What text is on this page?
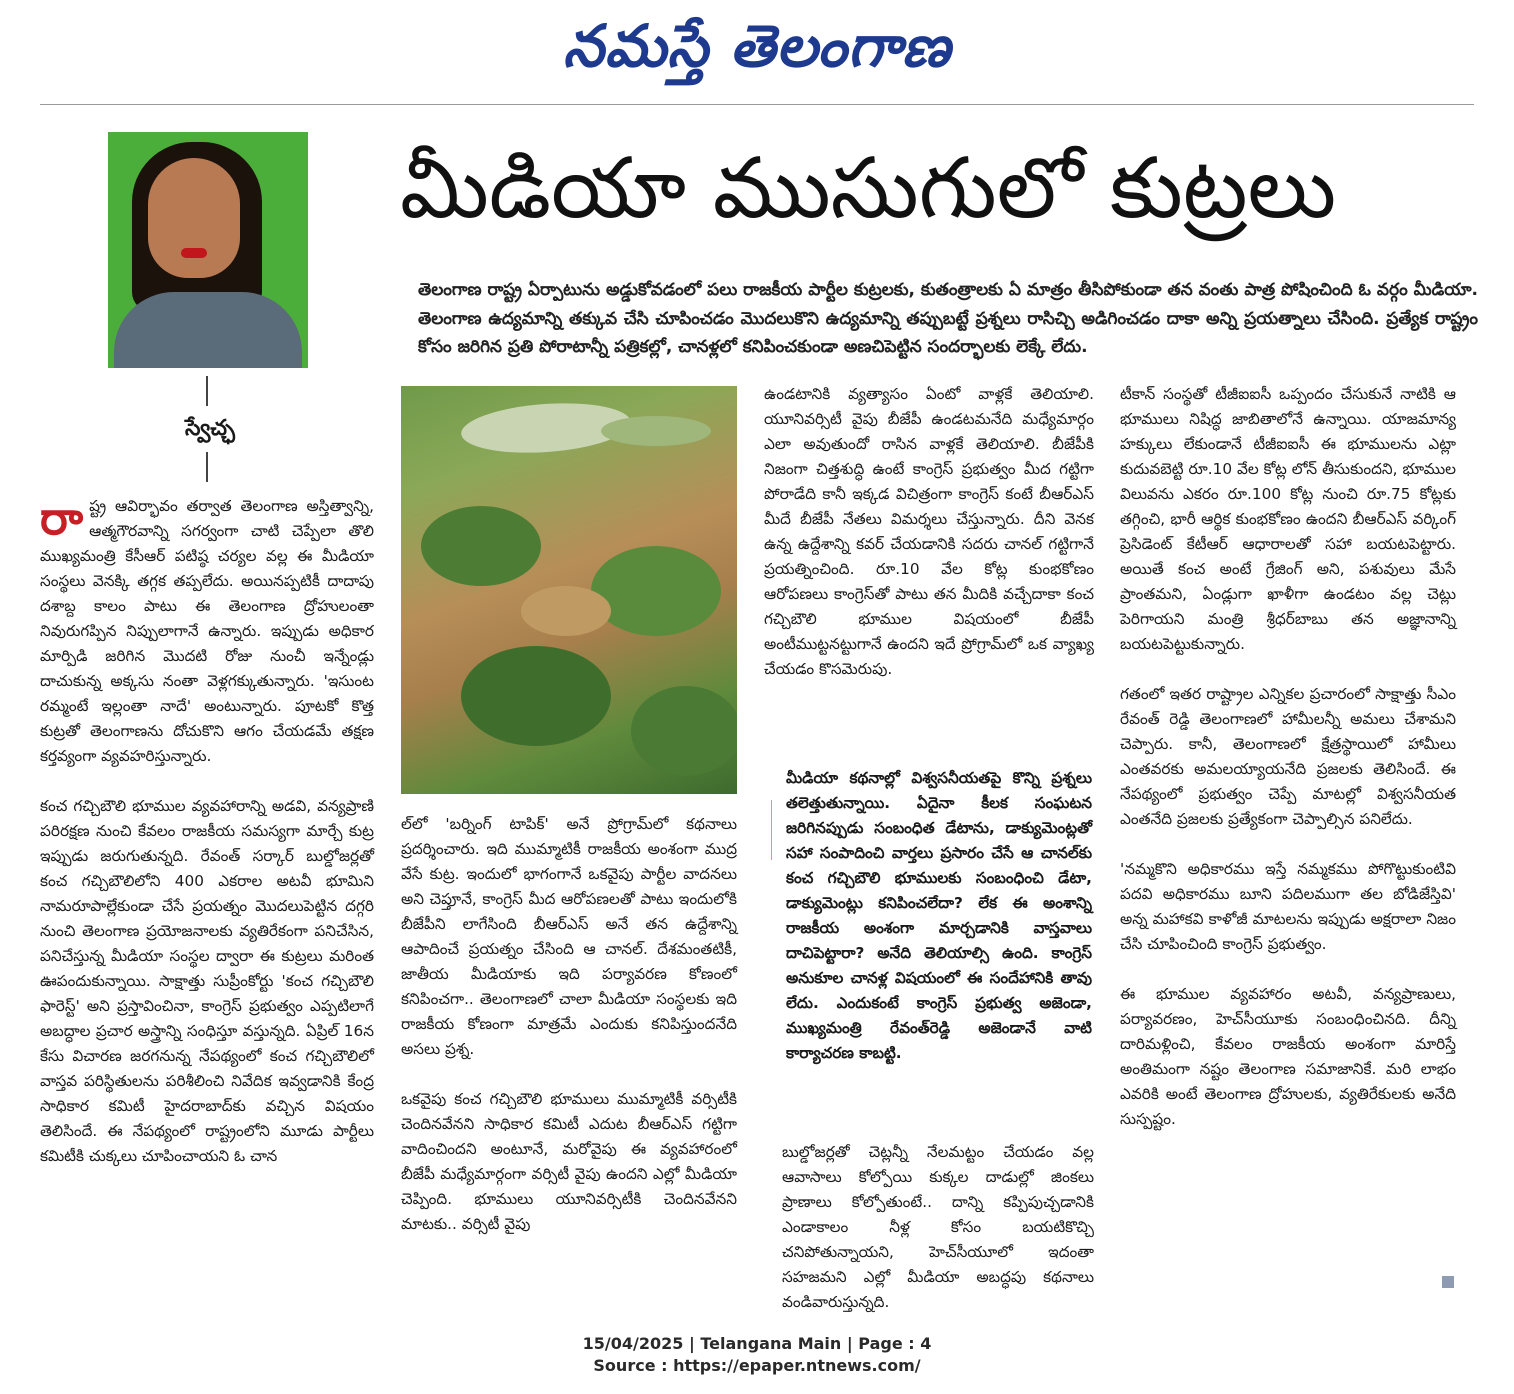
నమస్తే తెలంగాణ
స్వేచ్ఛ
మీడియా ముసుగులో కుట్రలు
తెలంగాణ రాష్ట్ర ఏర్పాటును అడ్డుకోవడంలో పలు రాజకీయ పార్టీల కుట్రలకు, కుతంత్రాలకు ఏ మాత్రం తీసిపోకుండా తన వంతు పాత్ర పోషించింది ఓ వర్గం మీడియా. తెలంగాణ ఉద్యమాన్ని తక్కువ చేసి చూపించడం మొదలుకొని ఉద్యమాన్ని తప్పుబట్టే ప్రశ్నలు రాసిచ్చి అడిగించడం దాకా అన్ని ప్రయత్నాలు చేసింది. ప్రత్యేక రాష్ట్రం కోసం జరిగిన ప్రతి పోరాటాన్నీ పత్రికల్లో, చానళ్లలో కనిపించకుండా అణచిపెట్టిన సందర్భాలకు లెక్కే లేదు.

రాష్ట్ర ఆవిర్భావం తర్వాత తెలంగాణ అస్తిత్వాన్ని, ఆత్మగౌరవాన్ని సగర్వంగా చాటి చెప్పేలా తొలి ముఖ్యమంత్రి కేసీఆర్ పటిష్ఠ చర్యల వల్ల ఈ మీడియా సంస్థలు వెనక్కి తగ్గక తప్పలేదు. అయినప్పటికీ దాదాపు దశాబ్ద కాలం పాటు ఈ తెలంగాణ ద్రోహులంతా నివురుగప్పిన నిప్పులాగానే ఉన్నారు. ఇప్పుడు అధికార మార్పిడి జరిగిన మొదటి రోజు నుంచీ ఇన్నేండ్లు దాచుకున్న అక్కసు నంతా వెళ్లగక్కుతున్నారు. 'ఇసుంట రమ్మంటే ఇల్లంతా నాదే' అంటున్నారు. పూటకో కొత్త కుట్రతో తెలంగాణను దోచుకొని ఆగం చేయడమే తక్షణ కర్తవ్యంగా వ్యవహరిస్తున్నారు.

కంచ గచ్చిబౌలి భూముల వ్యవహారాన్ని అడవి, వన్యప్రాణి పరిరక్షణ నుంచి కేవలం రాజకీయ సమస్యగా మార్చే కుట్ర ఇప్పుడు జరుగుతున్నది. రేవంత్ సర్కార్ బుల్డోజర్లతో కంచ గచ్చిబౌలిలోని 400 ఎకరాల అటవీ భూమిని నామరూపాల్లేకుండా చేసే ప్రయత్నం మొదలుపెట్టిన దగ్గరి నుంచి తెలంగాణ ప్రయోజనాలకు వ్యతిరేకంగా పనిచేసిన, పనిచేస్తున్న మీడియా సంస్థల ద్వారా ఈ కుట్రలు మరింత ఊపందుకున్నాయి. సాక్షాత్తు సుప్రీంకోర్టు 'కంచ గచ్చిబౌలి ఫారెస్ట్' అని ప్రస్తావించినా, కాంగ్రెస్ ప్రభుత్వం ఎప్పటిలాగే అబద్ధాల ప్రచార అస్త్రాన్ని సంధిస్తూ వస్తున్నది. ఏప్రిల్ 16న కేసు విచారణ జరగనున్న నేపథ్యంలో కంచ గచ్చిబౌలిలో వాస్తవ పరిస్థితులను పరిశీలించి నివేదిక ఇవ్వడానికి కేంద్ర సాధికార కమిటీ హైదరాబాద్‌కు వచ్చిన విషయం తెలిసిందే. ఈ నేపథ్యంలో రాష్ట్రంలోని మూడు పార్టీలు కమిటీకి చుక్కలు చూపించాయని ఓ చాన

ల్‌లో 'బర్నింగ్ టాపిక్' అనే ప్రోగ్రామ్‌లో కథనాలు ప్రదర్శించారు. ఇది ముమ్మాటికీ రాజకీయ అంశంగా ముద్ర వేసే కుట్ర. ఇందులో భాగంగానే ఒకవైపు పార్టీల వాదనలు అని చెప్తూనే, కాంగ్రెస్ మీద ఆరోపణలతో పాటు ఇందులోకి బీజేపీని లాగేసింది బీఆర్‌ఎస్ అనే తన ఉద్దేశాన్ని ఆపాదించే ప్రయత్నం చేసింది ఆ చానల్. దేశమంతటికీ, జాతీయ మీడియాకు ఇది పర్యావరణ కోణంలో కనిపించగా.. తెలంగాణలో చాలా మీడియా సంస్థలకు ఇది రాజకీయ కోణంగా మాత్రమే ఎందుకు కనిపిస్తుందనేది అసలు ప్రశ్న.

ఒకవైపు కంచ గచ్చిబౌలి భూములు ముమ్మాటికీ వర్సిటీకి చెందినవేనని సాధికార కమిటీ ఎదుట బీఆర్‌ఎస్ గట్టిగా వాదించిందని అంటూనే, మరోవైపు ఈ వ్యవహారంలో బీజేపీ మధ్యేమార్గంగా వర్సిటీ వైపు ఉందని ఎల్లో మీడియా చెప్పింది. భూములు యూనివర్సిటీకి చెందినవేనని మాటకు.. వర్సిటీ వైపు

ఉండటానికి వ్యత్యాసం ఏంటో వాళ్లకే తెలియాలి. యూనివర్సిటీ వైపు బీజేపీ ఉండటమనేది మధ్యేమార్గం ఎలా అవుతుందో రాసిన వాళ్లకే తెలియాలి. బీజేపీకి నిజంగా చిత్తశుద్ధి ఉంటే కాంగ్రెస్ ప్రభుత్వం మీద గట్టిగా పోరాడేది కానీ ఇక్కడ విచిత్రంగా కాంగ్రెస్ కంటే బీఆర్‌ఎస్ మీదే బీజేపీ నేతలు విమర్శలు చేస్తున్నారు. దీని వెనక ఉన్న ఉద్దేశాన్ని కవర్ చేయడానికి సదరు చానల్ గట్టిగానే ప్రయత్నించింది. రూ.10 వేల కోట్ల కుంభకోణం ఆరోపణలు కాంగ్రెస్‌తో పాటు తన మీదికి వచ్చేదాకా కంచ గచ్చిబౌలి భూముల విషయంలో బీజేపీ అంటీముట్టనట్టుగానే ఉందని ఇదే ప్రోగ్రామ్‌లో ఒక వ్యాఖ్య చేయడం కొసమెరుపు.

మీడియా కథనాల్లో విశ్వసనీయతపై కొన్ని ప్రశ్నలు తలెత్తుతున్నాయి. ఏదైనా కీలక సంఘటన జరిగినప్పుడు సంబంధిత డేటాను, డాక్యుమెంట్లతో సహా సంపాదించి వార్తలు ప్రసారం చేసే ఆ చానల్‌కు కంచ గచ్చిబౌలి భూములకు సంబంధించి డేటా, డాక్యుమెంట్లు కనిపించలేదా? లేక ఈ అంశాన్ని రాజకీయ అంశంగా మార్చడానికి వాస్తవాలు దాచిపెట్టారా? అనేది తెలియాల్సి ఉంది. కాంగ్రెస్ అనుకూల చానళ్ల విషయంలో ఈ సందేహానికి తావు లేదు. ఎందుకంటే కాంగ్రెస్ ప్రభుత్వ అజెండా, ముఖ్యమంత్రి రేవంత్‌రెడ్డి అజెండానే వాటి కార్యాచరణ కాబట్టి.

బుల్డోజర్లతో చెట్లన్నీ నేలమట్టం చేయడం వల్ల ఆవాసాలు కోల్పోయి కుక్కల దాడుల్లో జింకలు ప్రాణాలు కోల్పోతుంటే.. దాన్ని కప్పిపుచ్చడానికి ఎండాకాలం నీళ్ల కోసం బయటికొచ్చి చనిపోతున్నాయని, హెచ్‌సీయూలో ఇదంతా సహజమని ఎల్లో మీడియా అబద్ధపు కథనాలు వండివారుస్తున్నది.

టీకాన్ సంస్థతో టీజీఐఐసీ ఒప్పందం చేసుకునే నాటికి ఆ భూములు నిషిద్ధ జాబితాలోనే ఉన్నాయి. యాజమాన్య హక్కులు లేకుండానే టీజీఐఐసీ ఈ భూములను ఎట్లా కుదువబెట్టి రూ.10 వేల కోట్ల లోన్ తీసుకుందని, భూముల విలువను ఎకరం రూ.100 కోట్ల నుంచి రూ.75 కోట్లకు తగ్గించి, భారీ ఆర్థిక కుంభకోణం ఉందని బీఆర్‌ఎస్ వర్కింగ్ ప్రెసిడెంట్ కేటీఆర్ ఆధారాలతో సహా బయటపెట్టారు. అయితే కంచ అంటే గ్రేజింగ్ అని, పశువులు మేసే ప్రాంతమని, ఏండ్లుగా ఖాళీగా ఉండటం వల్ల చెట్లు పెరిగాయని మంత్రి శ్రీధర్‌బాబు తన అజ్ఞానాన్ని బయటపెట్టుకున్నారు.

గతంలో ఇతర రాష్ట్రాల ఎన్నికల ప్రచారంలో సాక్షాత్తు సీఎం రేవంత్ రెడ్డి తెలంగాణలో హామీలన్నీ అమలు చేశామని చెప్పారు. కానీ, తెలంగాణలో క్షేత్రస్థాయిలో హామీలు ఎంతవరకు అమలయ్యాయనేది ప్రజలకు తెలిసిందే. ఈ నేపథ్యంలో ప్రభుత్వం చెప్పే మాటల్లో విశ్వసనీయత ఎంతనేది ప్రజలకు ప్రత్యేకంగా చెప్పాల్సిన పనిలేదు.

'నమ్మకొని అధికారము ఇస్తే నమ్మకము పోగొట్టుకుంటివి పదవి అధికారము బూని పదిలముగా తల బోడిజేస్తివి' అన్న మహాకవి కాళోజీ మాటలను ఇప్పుడు అక్షరాలా నిజం చేసి చూపించింది కాంగ్రెస్ ప్రభుత్వం.

ఈ భూముల వ్యవహారం అటవీ, వన్యప్రాణులు, పర్యావరణం, హెచ్‌సీయూకు సంబంధించినది. దీన్ని దారిమళ్లించి, కేవలం రాజకీయ అంశంగా మారిస్తే అంతిమంగా నష్టం తెలంగాణ సమాజానికే. మరి లాభం ఎవరికి అంటే తెలంగాణ ద్రోహులకు, వ్యతిరేకులకు అనేది సుస్పష్టం.

15/04/2025 | Telangana Main | Page : 4
Source : https://epaper.ntnews.com/
